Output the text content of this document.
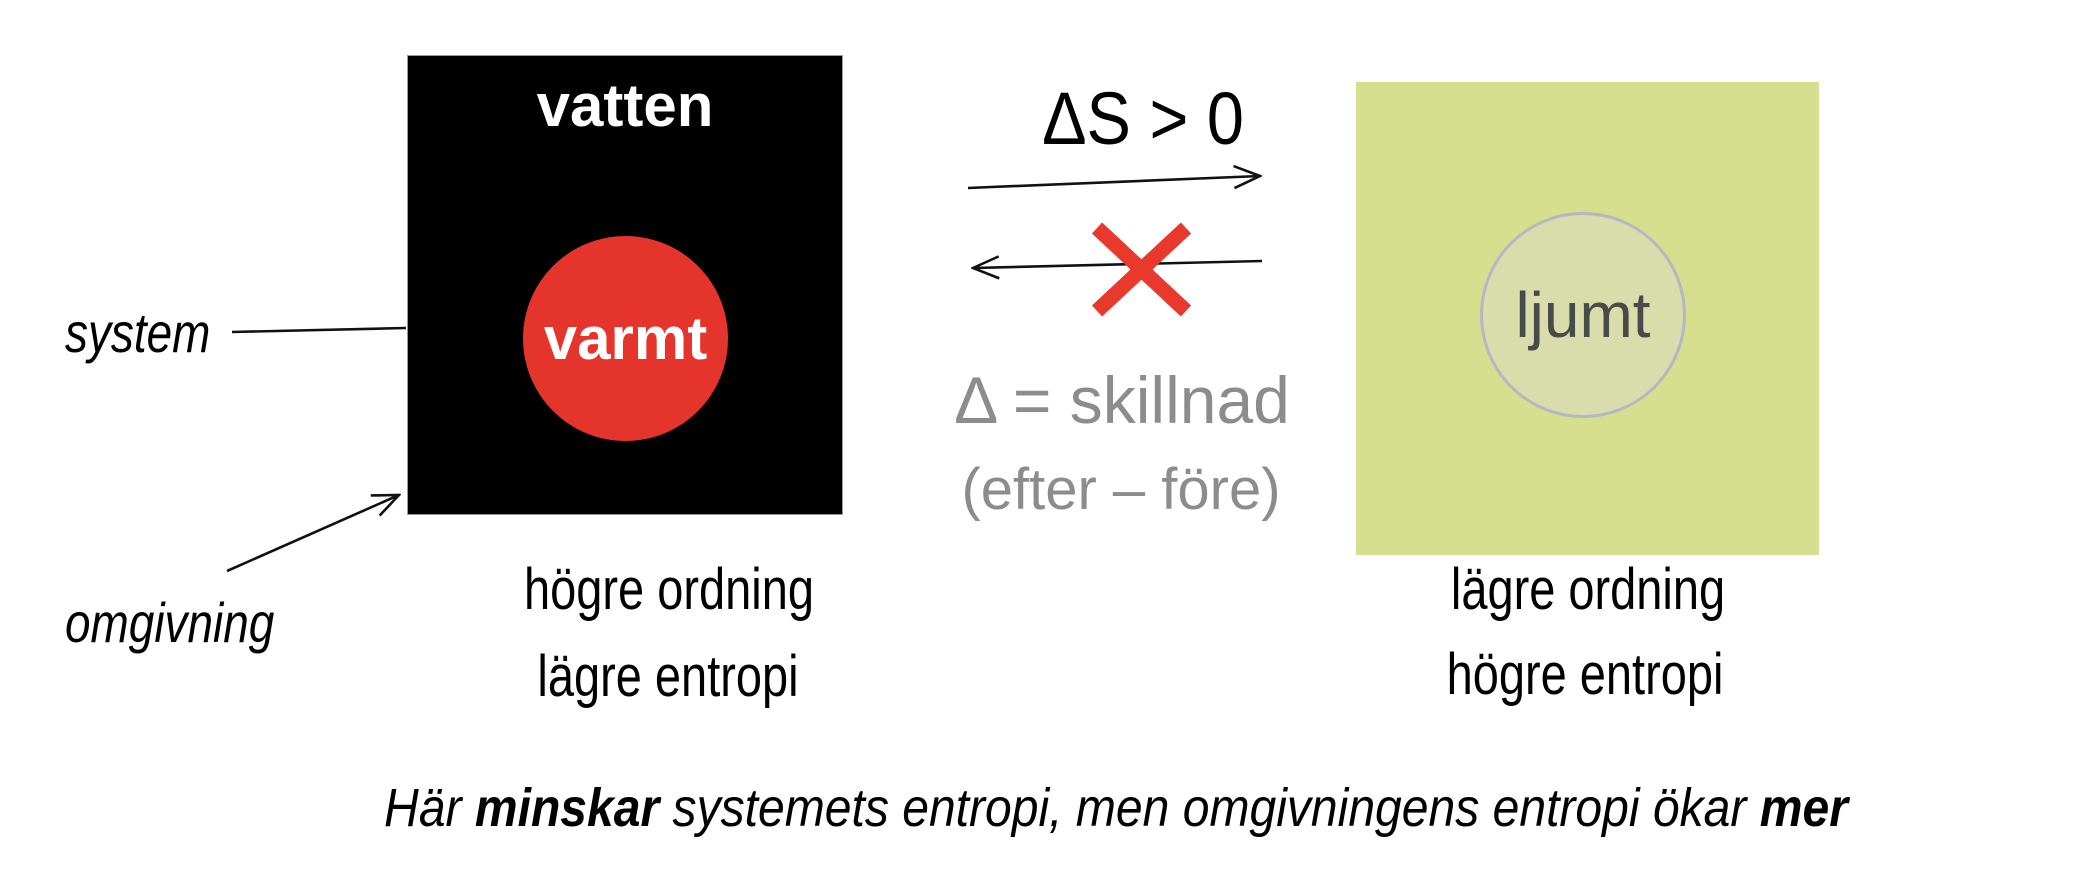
vatten
varmt	ljumt
ΔS > 0
Δ = skillnad
(efter – före)
system
omgivning
högre ordning
lägre entropi
lägre ordning
högre entropi
Här minskar systemets entropi, men omgivningens entropi ökar mer
